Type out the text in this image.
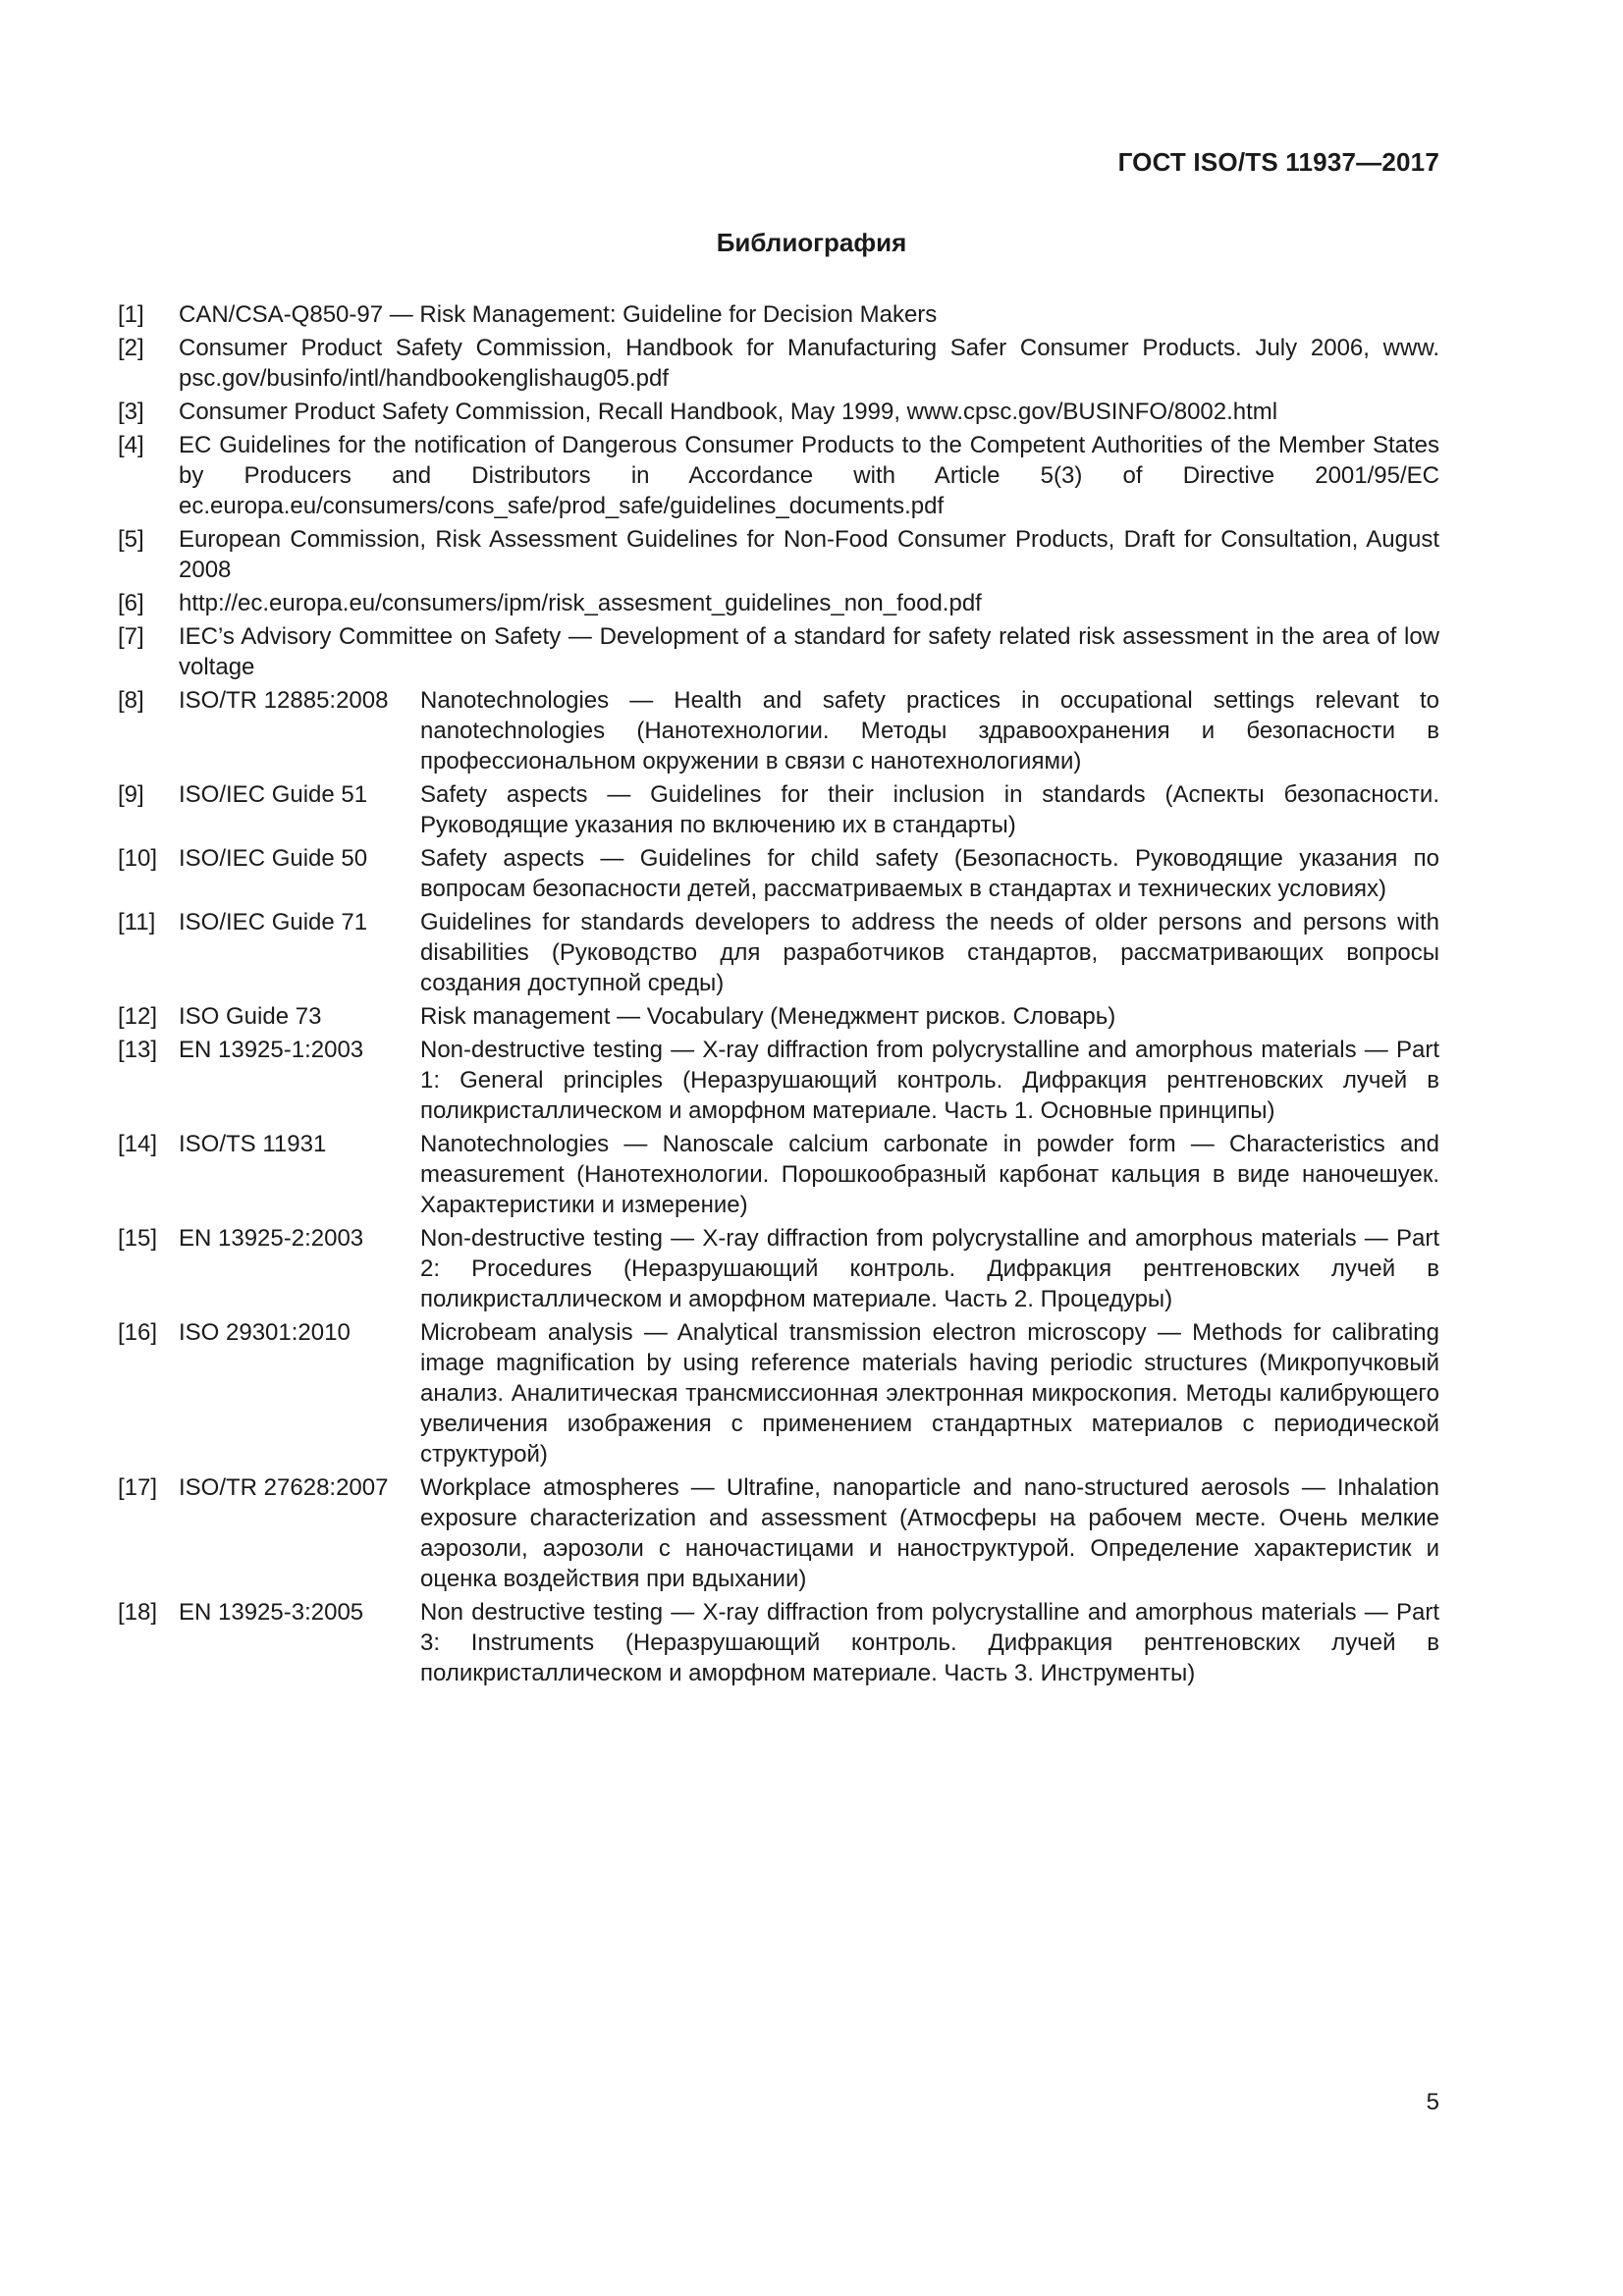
ГОСТ ISO/TS 11937—2017
Библиография
[1]	CAN/CSA-Q850-97 — Risk Management: Guideline for Decision Makers
[2]	Consumer Product Safety Commission, Handbook for Manufacturing Safer Consumer Products. July 2006, www. psc.gov/businfo/intl/handbookenglishaug05.pdf
[3]	Consumer Product Safety Commission, Recall Handbook, May 1999, www.cpsc.gov/BUSINFO/8002.html
[4]	EC Guidelines for the notification of Dangerous Consumer Products to the Competent Authorities of the Member States by Producers and Distributors in Accordance with Article 5(3) of Directive 2001/95/EC ec.europa.eu/consumers/cons_safe/prod_safe/guidelines_documents.pdf
[5]	European Commission, Risk Assessment Guidelines for Non-Food Consumer Products, Draft for Consultation, August 2008
[6]	http://ec.europa.eu/consumers/ipm/risk_assesment_guidelines_non_food.pdf
[7]	IEC’s Advisory Committee on Safety — Development of a standard for safety related risk assessment in the area of low voltage
[8]	ISO/TR 12885:2008	Nanotechnologies — Health and safety practices in occupational settings relevant to nanotechnologies (Нанотехнологии. Методы здравоохранения и безопасности в профессиональном окружении в связи с нанотехнологиями)
[9]	ISO/IEC Guide 51	Safety aspects — Guidelines for their inclusion in standards (Аспекты безопасности. Руководящие указания по включению их в стандарты)
[10] ISO/IEC Guide 50	Safety aspects — Guidelines for child safety (Безопасность. Руководящие указания по вопросам безопасности детей, рассматриваемых в стандартах и технических условиях)
[11] ISO/IEC Guide 71	Guidelines for standards developers to address the needs of older persons and persons with disabilities (Руководство для разработчиков стандартов, рассматривающих вопросы создания доступной среды)
[12] ISO Guide 73	Risk management — Vocabulary (Менеджмент рисков. Словарь)
[13] EN 13925-1:2003	Non-destructive testing — X-ray diffraction from polycrystalline and amorphous materials — Part 1: General principles (Неразрушающий контроль. Дифракция рентгеновских лучей в поликристаллическом и аморфном материале. Часть 1. Основные принципы)
[14] ISO/TS 11931	Nanotechnologies — Nanoscale calcium carbonate in powder form — Characteristics and measurement (Нанотехнологии. Порошкообразный карбонат кальция в виде наночешуек. Характеристики и измерение)
[15] EN 13925-2:2003	Non-destructive testing — X-ray diffraction from polycrystalline and amorphous materials — Part 2: Procedures (Неразрушающий контроль. Дифракция рентгеновских лучей в поликристаллическом и аморфном материале. Часть 2. Процедуры)
[16] ISO 29301:2010	Microbeam analysis — Analytical transmission electron microscopy — Methods for calibrating image magnification by using reference materials having periodic structures (Микропучковый анализ. Аналитическая трансмиссионная электронная микроскопия. Методы калибрующего увеличения изображения с применением стандартных материалов с периодической структурой)
[17] ISO/TR 27628:2007	Workplace atmospheres — Ultrafine, nanoparticle and nano-structured aerosols — Inhalation exposure characterization and assessment (Атмосферы на рабочем месте. Очень мелкие аэрозоли, аэрозоли с наночастицами и наноструктурой. Определение характеристик и оценка воздействия при вдыхании)
[18] EN 13925-3:2005	Non destructive testing — X-ray diffraction from polycrystalline and amorphous materials — Part 3: Instruments (Неразрушающий контроль. Дифракция рентгеновских лучей в поликристаллическом и аморфном материале. Часть 3. Инструменты)
5
